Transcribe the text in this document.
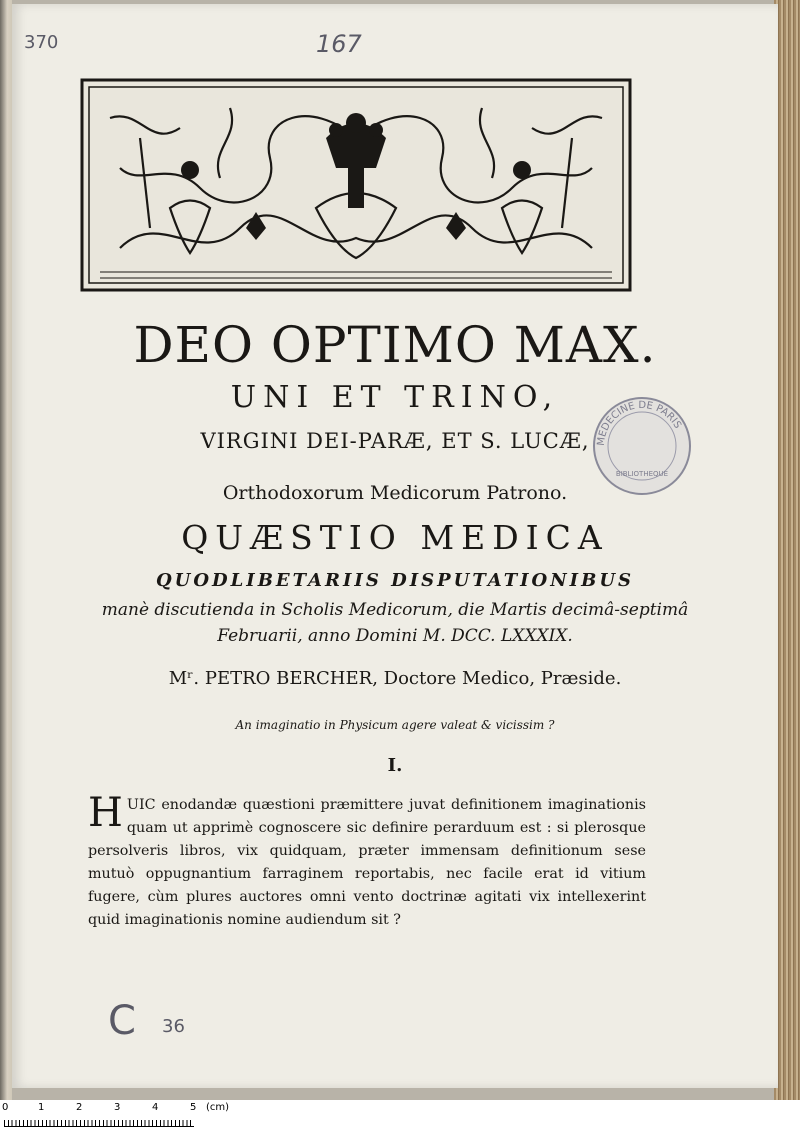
370	167
MEDECINE DE PARIS
BIBLIOTHEQUE
DEO OPTIMO MAX.
UNI ET TRINO,
VIRGINI DEI-PARÆ, ET S. LUCÆ,
Orthodoxorum Medicorum Patrono.
QUÆSTIO MEDICA
QUODLIBETARIIS DISPUTATIONIBUS
manè discutienda in Scholis Medicorum, die Martis decimâ-septimâ
Februarii, anno Domini M. DCC. LXXXIX.
Mʳ. PETRO BERCHER, Doctore Medico, Præside.
An imaginatio in Physicum agere valeat & vicissim ?
I.
HUIC enodandæ quæstioni præmittere juvat definitionem imaginationis quam ut apprimè cognoscere sic definire perarduum est : si plerosque persolveris libros, vix quidquam, præter immensam definitionum sese mutuò oppugnantium farraginem reportabis, nec facile erat id vitium fugere, cùm plures auctores omni vento doctrinæ agitati vix intellexerint quid imaginationis nomine audiendum sit ?
C 36
0	1	2	3	4	5 (cm)
